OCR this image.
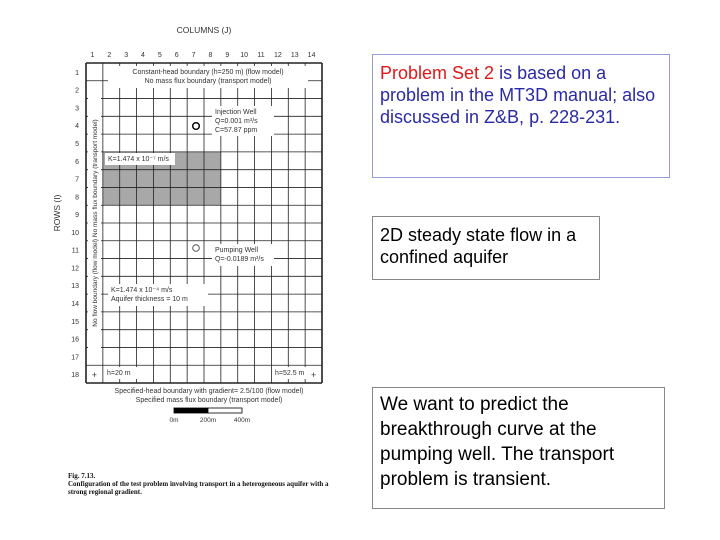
COLUMNS (J)
1 2 3 4 5 6 7 8 9 10 11 12 13 14
1
2
3
4
5
6
7
8
9
10
11
12
13
14
15
16
17
18
ROWS (I)
Constant-head boundary (h=250 m) (flow model)
No mass flux boundary (transport model)
Injection Well
Q=0.001 m³/s
C=57.87 ppm
K=1.474 x 10⁻⁷ m/s
Pumping Well
Q=-0.0189 m³/s
K=1.474 x 10⁻⁴ m/s
Aquifer thickness = 10 m
h=20 m	h=52.5 m
No flow boundary (flow model) No mass flux boundary (transport model)
+	+
Specified-head boundary with gradient= 2.5/100 (flow model)
Specified mass flux boundary (transport model)
0m	200m	400m
Fig. 7.13.
Configuration of the test problem involving transport in a heterogeneous aquifer with a strong regional gradient.
Problem Set 2 is based on a problem in the MT3D manual; also discussed in Z&B, p. 228-231.
2D steady state flow in a confined aquifer
We want to predict the breakthrough curve at the pumping well. The transport problem is transient.
